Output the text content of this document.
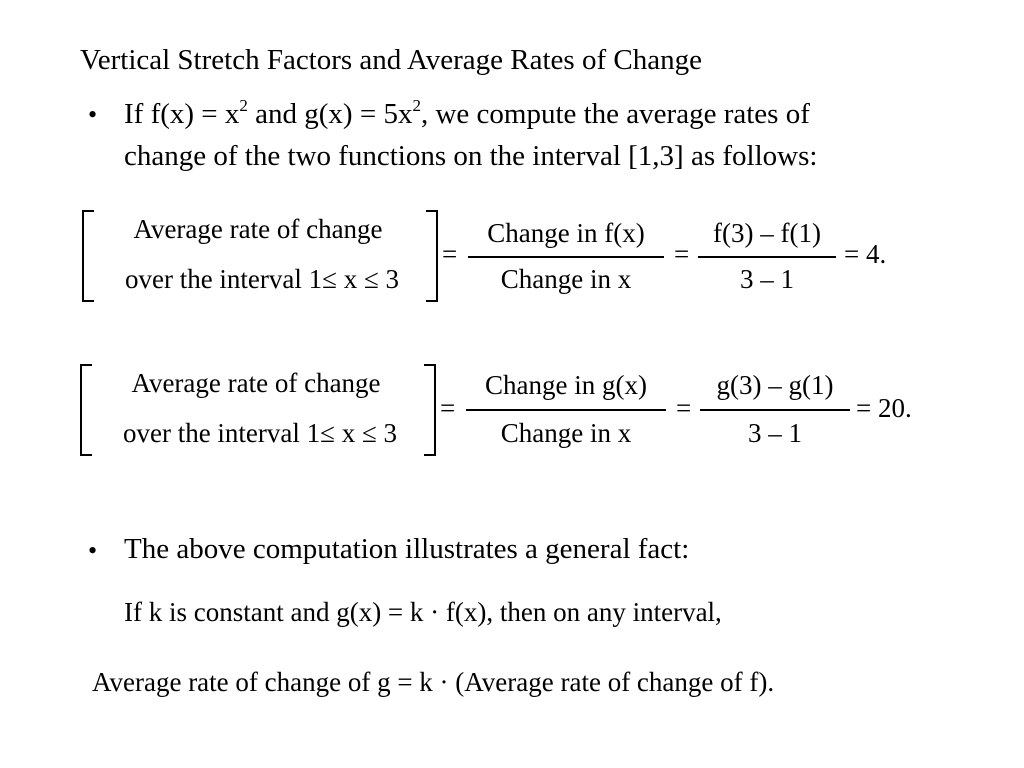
Vertical Stretch Factors and Average Rates of Change
• If $f(x) = x^2$ and $g(x) = 5x^2$, we compute the average rates of
change of the two functions on the interval [1,3] as follows:
Average rate of change
over the interval 1≤ x ≤ 3
=
Change in f(x)
Change in x
=
f(3) – f(1)
3 – 1
= 4.
Average rate of change
over the interval 1≤ x ≤ 3
=
Change in g(x)
Change in x
=
g(3) – g(1)
3 – 1
= 20.
• The above computation illustrates a general fact:
If k is constant and g(x) = k · f(x), then on any interval,
Average rate of change of g = k · (Average rate of change of f).
